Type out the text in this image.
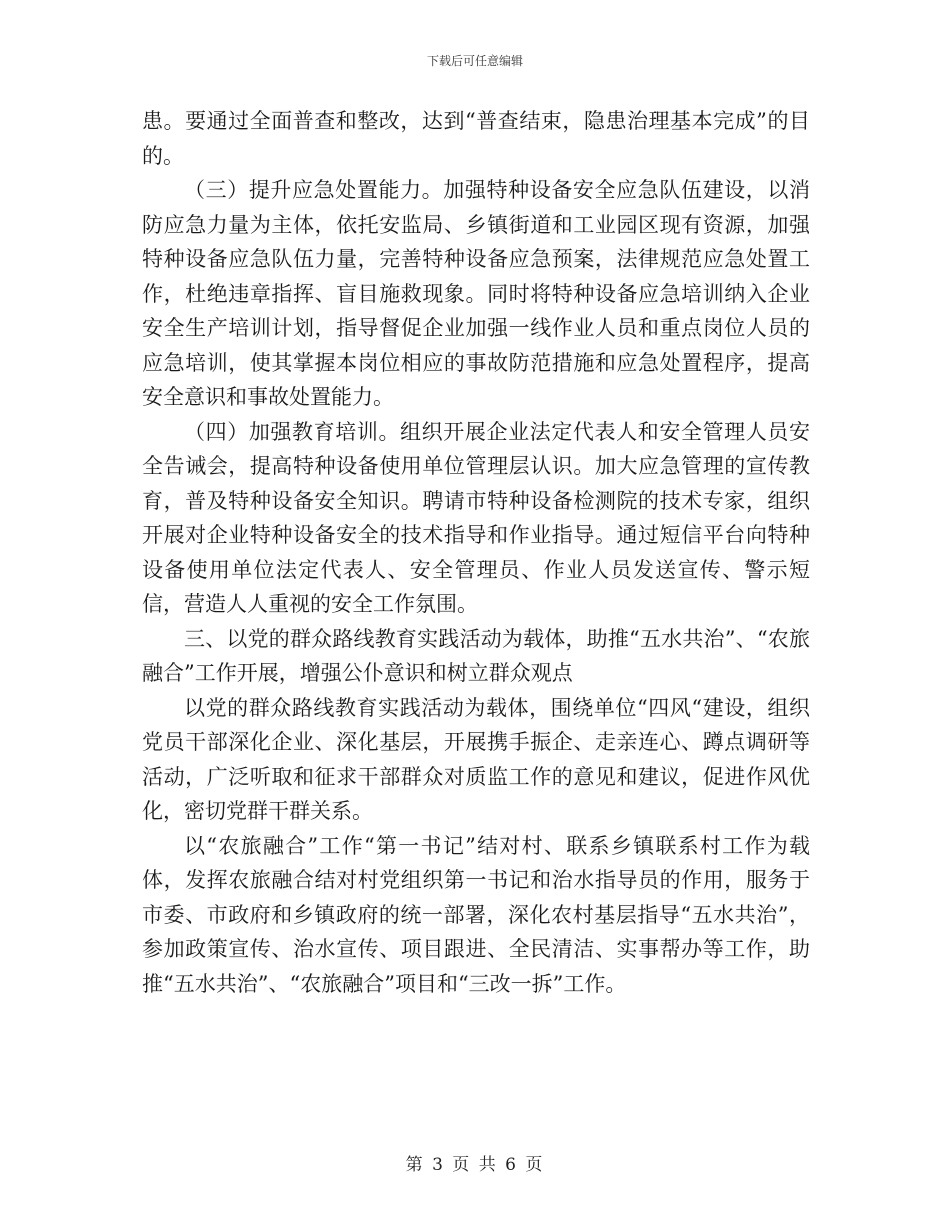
下载后可任意编辑

患。要通过全面普查和整改，达到“普查结束，隐患治理基本完成”的目的。

（三）提升应急处置能力。加强特种设备安全应急队伍建设，以消防应急力量为主体，依托安监局、乡镇街道和工业园区现有资源，加强特种设备应急队伍力量，完善特种设备应急预案，法律规范应急处置工作，杜绝违章指挥、盲目施救现象。同时将特种设备应急培训纳入企业安全生产培训计划，指导督促企业加强一线作业人员和重点岗位人员的应急培训，使其掌握本岗位相应的事故防范措施和应急处置程序，提高安全意识和事故处置能力。

（四）加强教育培训。组织开展企业法定代表人和安全管理人员安全告诫会，提高特种设备使用单位管理层认识。加大应急管理的宣传教育，普及特种设备安全知识。聘请市特种设备检测院的技术专家，组织开展对企业特种设备安全的技术指导和作业指导。通过短信平台向特种设备使用单位法定代表人、安全管理员、作业人员发送宣传、警示短信，营造人人重视的安全工作氛围。

三、以党的群众路线教育实践活动为载体，助推“五水共治”、“农旅融合”工作开展，增强公仆意识和树立群众观点

以党的群众路线教育实践活动为载体，围绕单位“四风“建设，组织党员干部深化企业、深化基层，开展携手振企、走亲连心、蹲点调研等活动，广泛听取和征求干部群众对质监工作的意见和建议，促进作风优化，密切党群干群关系。

以“农旅融合”工作“第一书记”结对村、联系乡镇联系村工作为载体，发挥农旅融合结对村党组织第一书记和治水指导员的作用，服务于市委、市政府和乡镇政府的统一部署，深化农村基层指导“五水共治”，参加政策宣传、治水宣传、项目跟进、全民清洁、实事帮办等工作，助推“五水共治”、“农旅融合”项目和“三改一拆”工作。

第 3 页 共 6 页
